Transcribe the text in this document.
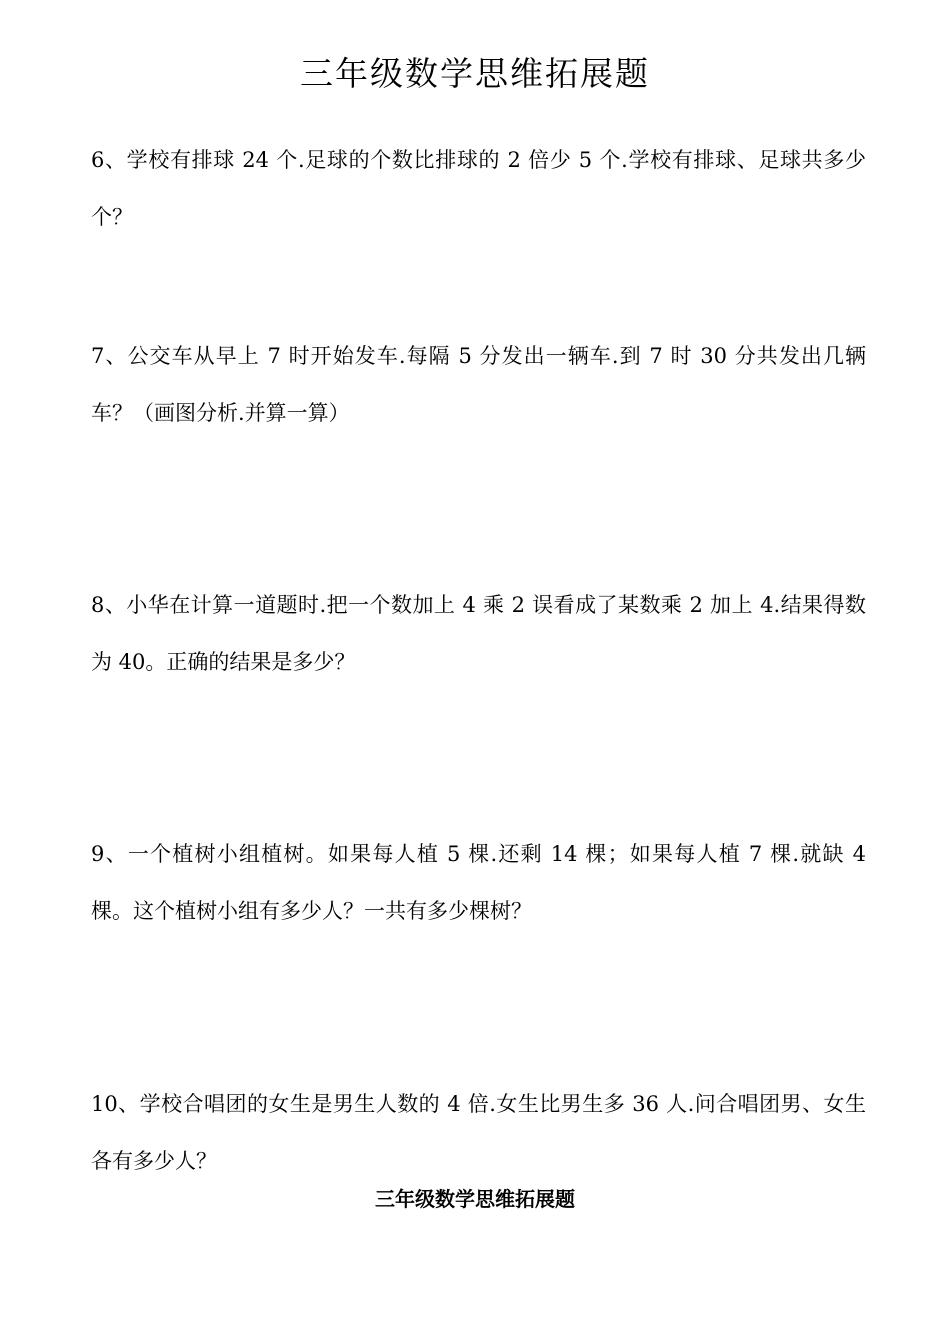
三年级数学思维拓展题

6、学校有排球 24 个.足球的个数比排球的 2 倍少 5 个.学校有排球、足球共多少个？

7、公交车从早上 7 时开始发车.每隔 5 分发出一辆车.到 7 时 30 分共发出几辆车？（画图分析.并算一算）

8、小华在计算一道题时.把一个数加上 4 乘 2 误看成了某数乘 2 加上 4.结果得数为 40。正确的结果是多少？

9、一个植树小组植树。如果每人植 5 棵.还剩 14 棵；如果每人植 7 棵.就缺 4 棵。这个植树小组有多少人？一共有多少棵树？

10、学校合唱团的女生是男生人数的 4 倍.女生比男生多 36 人.问合唱团男、女生各有多少人？

三年级数学思维拓展题
